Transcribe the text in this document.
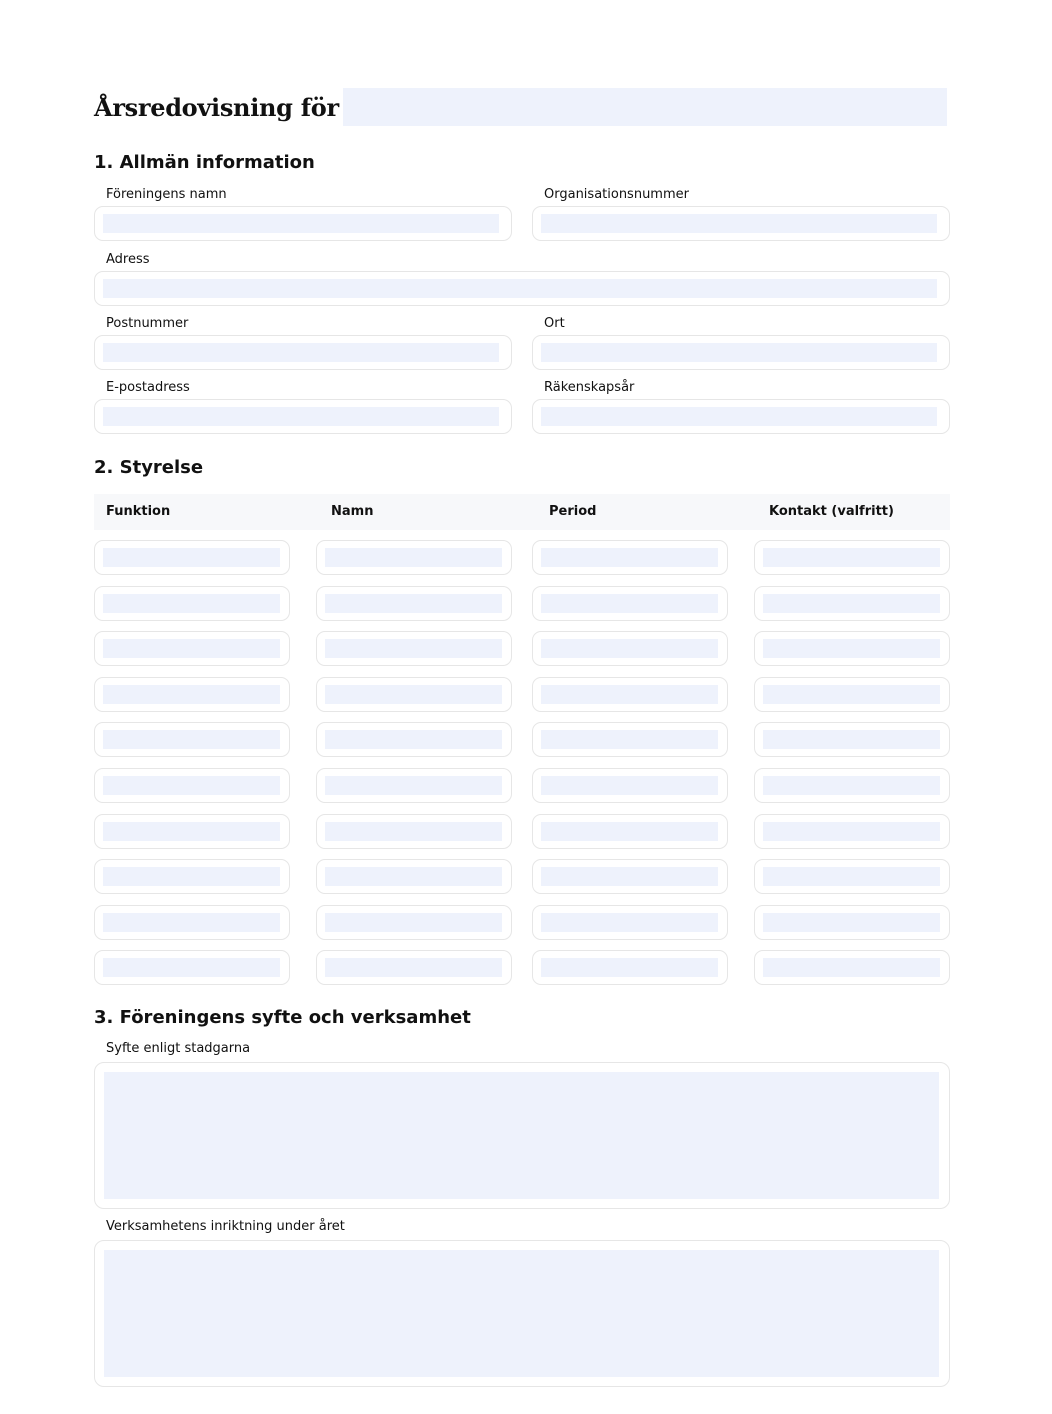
Årsredovisning för
1. Allmän information
Föreningens namn	Organisationsnummer
Adress
Postnummer	Ort
E-postadress	Räkenskapsår
2. Styrelse
Funktion	Namn	Period	Kontakt (valfritt)
3. Föreningens syfte och verksamhet
Syfte enligt stadgarna
Verksamhetens inriktning under året
